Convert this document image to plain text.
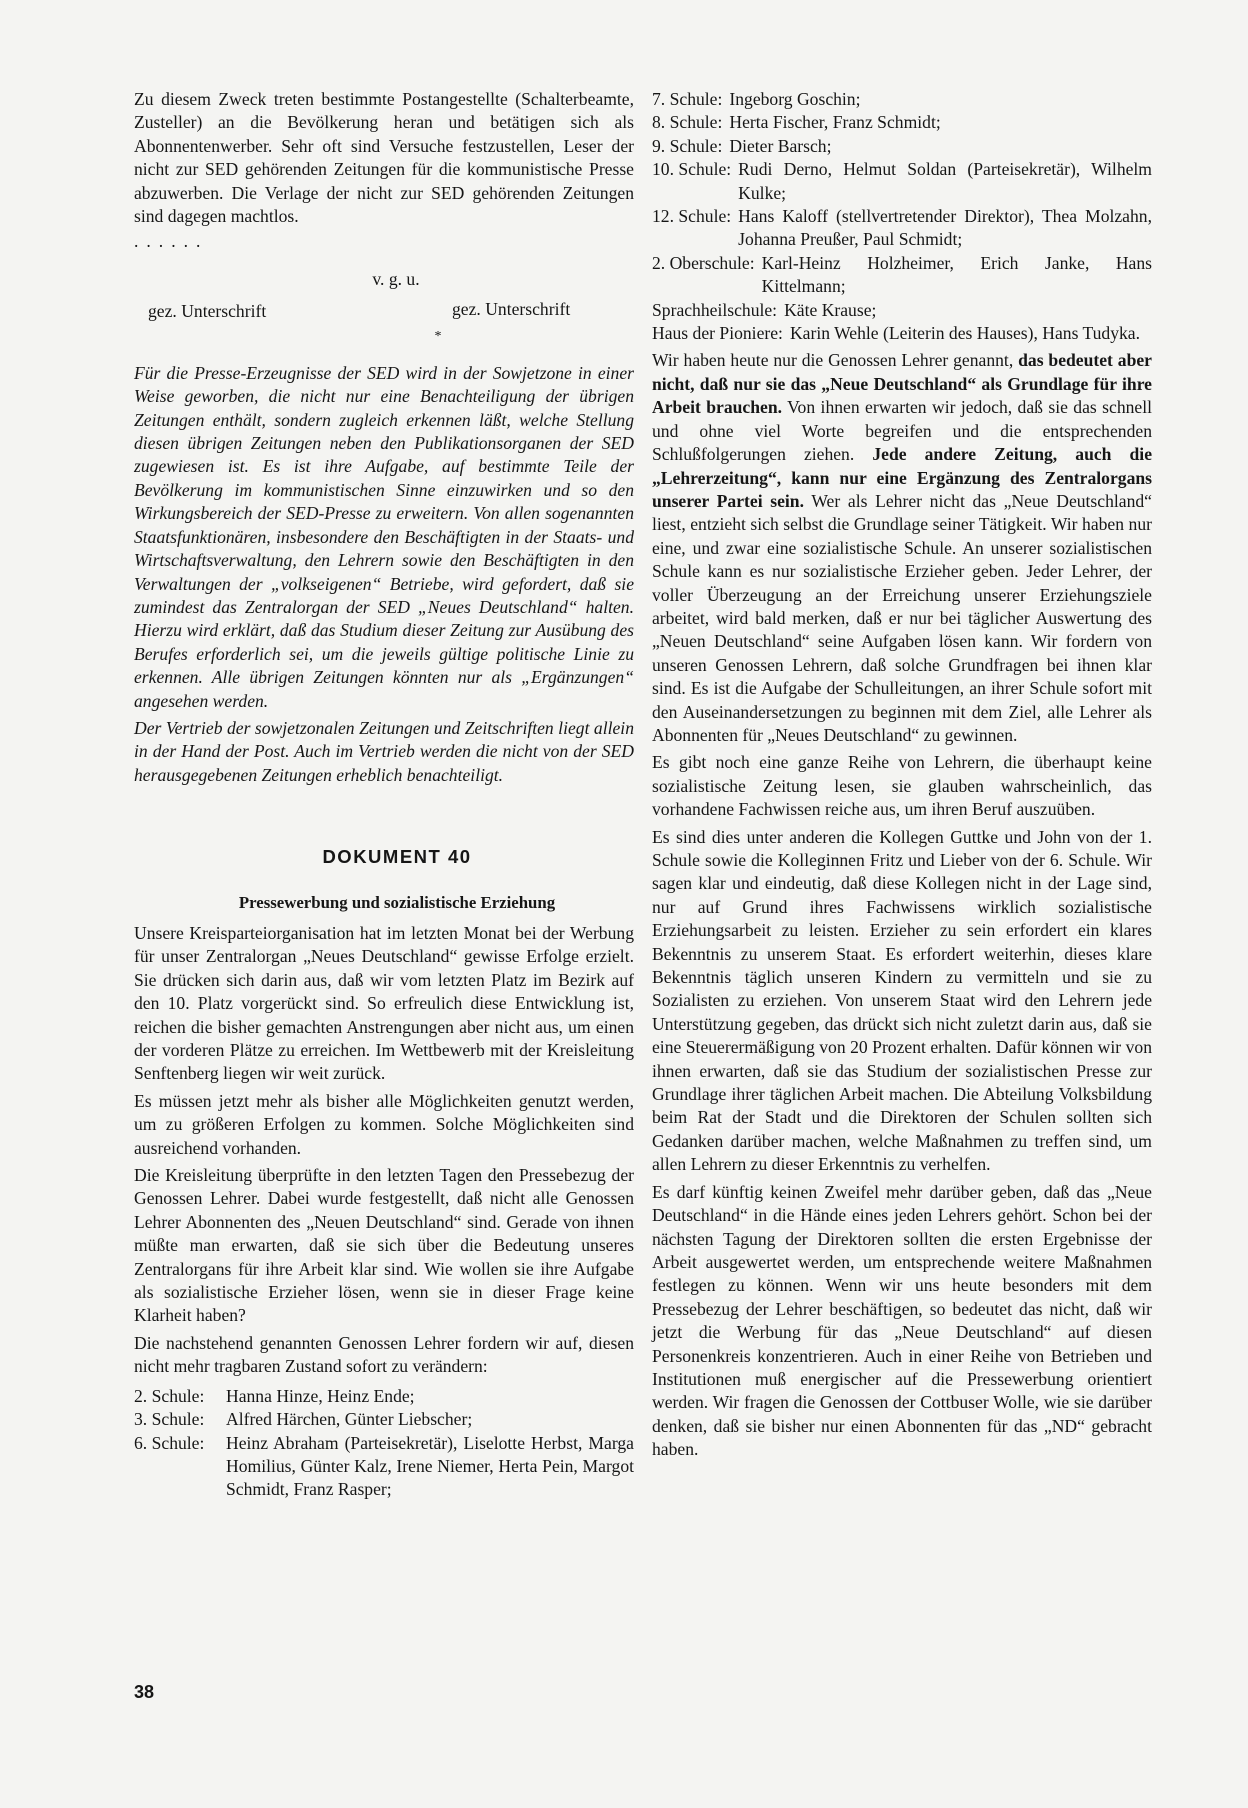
Zu diesem Zweck treten bestimmte Postangestellte (Schalterbeamte, Zusteller) an die Bevölkerung heran und betätigen sich als Abonnentenwerber. Sehr oft sind Versuche festzustellen, Leser der nicht zur SED gehörenden Zeitungen für die kommunistische Presse abzuwerben. Die Verlage der nicht zur SED gehörenden Zeitungen sind dagegen machtlos.

......
v. g. u.
gez. Unterschrift	gez. Unterschrift
*

Für die Presse-Erzeugnisse der SED wird in der Sowjetzone in einer Weise geworben, die nicht nur eine Benachteiligung der übrigen Zeitungen enthält, sondern zugleich erkennen läßt, welche Stellung diesen übrigen Zeitungen neben den Publikationsorganen der SED zugewiesen ist. Es ist ihre Aufgabe, auf bestimmte Teile der Bevölkerung im kommunistischen Sinne einzuwirken und so den Wirkungsbereich der SED-Presse zu erweitern. Von allen sogenannten Staatsfunktionären, insbesondere den Beschäftigten in der Staats- und Wirtschaftsverwaltung, den Lehrern sowie den Beschäftigten in den Verwaltungen der „volkseigenen“ Betriebe, wird gefordert, daß sie zumindest das Zentralorgan der SED „Neues Deutschland“ halten. Hierzu wird erklärt, daß das Studium dieser Zeitung zur Ausübung des Berufes erforderlich sei, um die jeweils gültige politische Linie zu erkennen. Alle übrigen Zeitungen könnten nur als „Ergänzungen“ angesehen werden.

Der Vertrieb der sowjetzonalen Zeitungen und Zeitschriften liegt allein in der Hand der Post. Auch im Vertrieb werden die nicht von der SED herausgegebenen Zeitungen erheblich benachteiligt.

DOKUMENT 40
Pressewerbung und sozialistische Erziehung

Unsere Kreisparteiorganisation hat im letzten Monat bei der Werbung für unser Zentralorgan „Neues Deutschland“ gewisse Erfolge erzielt. Sie drücken sich darin aus, daß wir vom letzten Platz im Bezirk auf den 10. Platz vorgerückt sind. So erfreulich diese Entwicklung ist, reichen die bisher gemachten Anstrengungen aber nicht aus, um einen der vorderen Plätze zu erreichen. Im Wettbewerb mit der Kreisleitung Senftenberg liegen wir weit zurück.

Es müssen jetzt mehr als bisher alle Möglichkeiten genutzt werden, um zu größeren Erfolgen zu kommen. Solche Möglichkeiten sind ausreichend vorhanden.

Die Kreisleitung überprüfte in den letzten Tagen den Pressebezug der Genossen Lehrer. Dabei wurde festgestellt, daß nicht alle Genossen Lehrer Abonnenten des „Neuen Deutschland“ sind. Gerade von ihnen müßte man erwarten, daß sie sich über die Bedeutung unseres Zentralorgans für ihre Arbeit klar sind. Wie wollen sie ihre Aufgabe als sozialistische Erzieher lösen, wenn sie in dieser Frage keine Klarheit haben?

Die nachstehend genannten Genossen Lehrer fordern wir auf, diesen nicht mehr tragbaren Zustand sofort zu verändern:

2. Schule:	Hanna Hinze, Heinz Ende;
3. Schule:	Alfred Härchen, Günter Liebscher;
6. Schule:	Heinz Abraham (Parteisekretär), Liselotte Herbst, Marga Homilius, Günter Kalz, Irene Niemer, Herta Pein, Margot Schmidt, Franz Rasper;
7. Schule: Ingeborg Goschin;
8. Schule: Herta Fischer, Franz Schmidt;
9. Schule: Dieter Barsch;
10. Schule: Rudi Derno, Helmut Soldan (Parteisekretär), Wilhelm Kulke;
12. Schule: Hans Kaloff (stellvertretender Direktor), Thea Molzahn, Johanna Preußer, Paul Schmidt;
2. Oberschule: Karl-Heinz Holzheimer, Erich Janke, Hans Kittelmann;
Sprachheilschule: Käte Krause;
Haus der Pioniere: Karin Wehle (Leiterin des Hauses), Hans Tudyka.

Wir haben heute nur die Genossen Lehrer genannt, das bedeutet aber nicht, daß nur sie das „Neue Deutschland“ als Grundlage für ihre Arbeit brauchen. Von ihnen erwarten wir jedoch, daß sie das schnell und ohne viel Worte begreifen und die entsprechenden Schlußfolgerungen ziehen. Jede andere Zeitung, auch die „Lehrerzeitung“, kann nur eine Ergänzung des Zentralorgans unserer Partei sein. Wer als Lehrer nicht das „Neue Deutschland“ liest, entzieht sich selbst die Grundlage seiner Tätigkeit. Wir haben nur eine, und zwar eine sozialistische Schule. An unserer sozialistischen Schule kann es nur sozialistische Erzieher geben. Jeder Lehrer, der voller Überzeugung an der Erreichung unserer Erziehungsziele arbeitet, wird bald merken, daß er nur bei täglicher Auswertung des „Neuen Deutschland“ seine Aufgaben lösen kann. Wir fordern von unseren Genossen Lehrern, daß solche Grundfragen bei ihnen klar sind. Es ist die Aufgabe der Schulleitungen, an ihrer Schule sofort mit den Auseinandersetzungen zu beginnen mit dem Ziel, alle Lehrer als Abonnenten für „Neues Deutschland“ zu gewinnen.

Es gibt noch eine ganze Reihe von Lehrern, die überhaupt keine sozialistische Zeitung lesen, sie glauben wahrscheinlich, das vorhandene Fachwissen reiche aus, um ihren Beruf auszuüben.

Es sind dies unter anderen die Kollegen Guttke und John von der 1. Schule sowie die Kolleginnen Fritz und Lieber von der 6. Schule. Wir sagen klar und eindeutig, daß diese Kollegen nicht in der Lage sind, nur auf Grund ihres Fachwissens wirklich sozialistische Erziehungsarbeit zu leisten. Erzieher zu sein erfordert ein klares Bekenntnis zu unserem Staat. Es erfordert weiterhin, dieses klare Bekenntnis täglich unseren Kindern zu vermitteln und sie zu Sozialisten zu erziehen. Von unserem Staat wird den Lehrern jede Unterstützung gegeben, das drückt sich nicht zuletzt darin aus, daß sie eine Steuerermäßigung von 20 Prozent erhalten. Dafür können wir von ihnen erwarten, daß sie das Studium der sozialistischen Presse zur Grundlage ihrer täglichen Arbeit machen. Die Abteilung Volksbildung beim Rat der Stadt und die Direktoren der Schulen sollten sich Gedanken darüber machen, welche Maßnahmen zu treffen sind, um allen Lehrern zu dieser Erkenntnis zu verhelfen.

Es darf künftig keinen Zweifel mehr darüber geben, daß das „Neue Deutschland“ in die Hände eines jeden Lehrers gehört. Schon bei der nächsten Tagung der Direktoren sollten die ersten Ergebnisse der Arbeit ausgewertet werden, um entsprechende weitere Maßnahmen festlegen zu können. Wenn wir uns heute besonders mit dem Pressebezug der Lehrer beschäftigen, so bedeutet das nicht, daß wir jetzt die Werbung für das „Neue Deutschland“ auf diesen Personenkreis konzentrieren. Auch in einer Reihe von Betrieben und Institutionen muß energischer auf die Pressewerbung orientiert werden. Wir fragen die Genossen der Cottbuser Wolle, wie sie darüber denken, daß sie bisher nur einen Abonnenten für das „ND“ gebracht haben.

38
